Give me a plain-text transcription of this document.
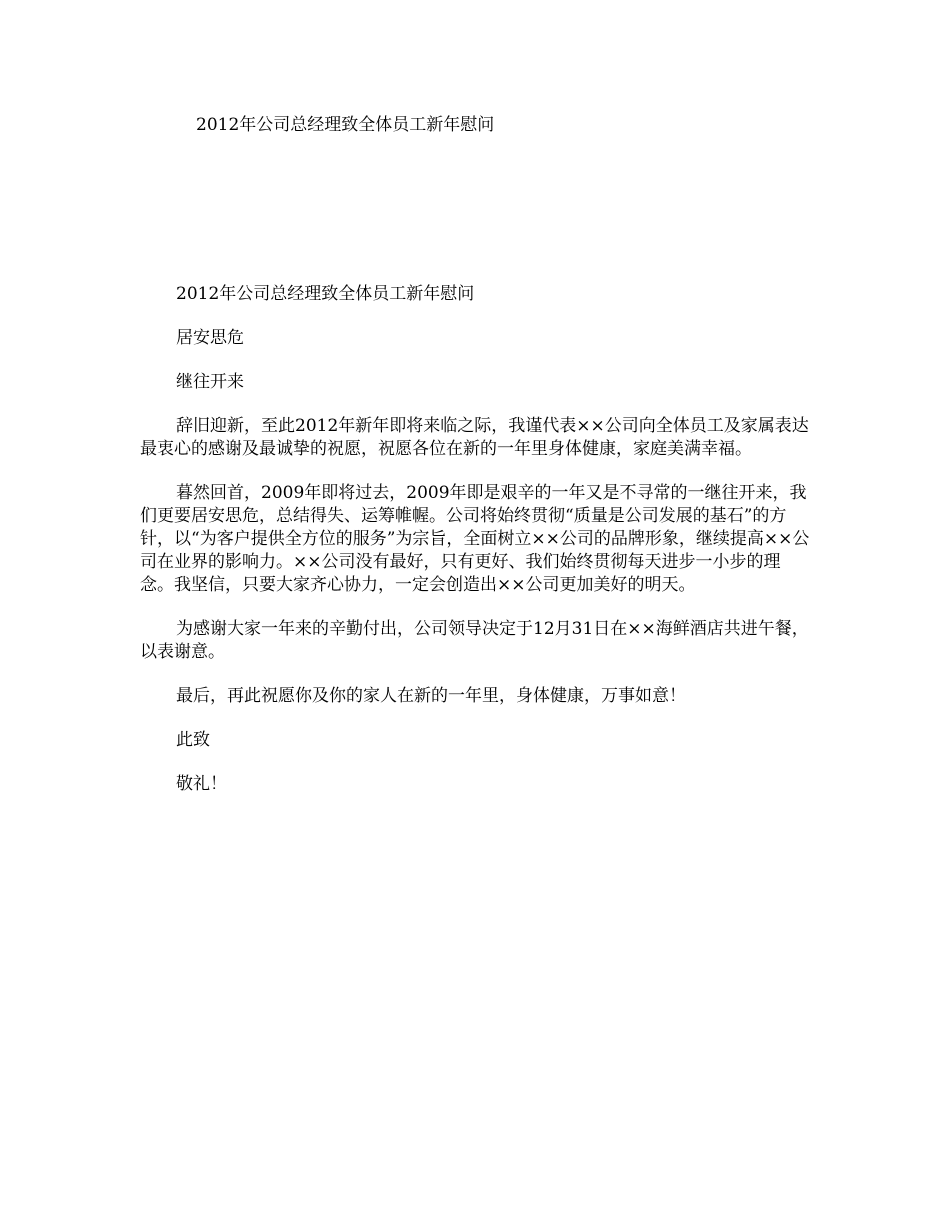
2012年公司总经理致全体员工新年慰问

2012年公司总经理致全体员工新年慰问

居安思危

继往开来

辞旧迎新，至此2012年新年即将来临之际，我谨代表××公司向全体员工及家属表达最衷心的感谢及最诚挚的祝愿，祝愿各位在新的一年里身体健康，家庭美满幸福。

暮然回首，2009年即将过去，2009年即是艰辛的一年又是不寻常的一继往开来，我们更要居安思危，总结得失、运筹帷幄。公司将始终贯彻“质量是公司发展的基石”的方针，以“为客户提供全方位的服务”为宗旨，全面树立××公司的品牌形象，继续提高××公司在业界的影响力。××公司没有最好，只有更好、我们始终贯彻每天进步一小步的理念。我坚信，只要大家齐心协力，一定会创造出××公司更加美好的明天。

为感谢大家一年来的辛勤付出，公司领导决定于12月31日在××海鲜酒店共进午餐，以表谢意。

最后，再此祝愿你及你的家人在新的一年里，身体健康，万事如意！

此致

敬礼！
